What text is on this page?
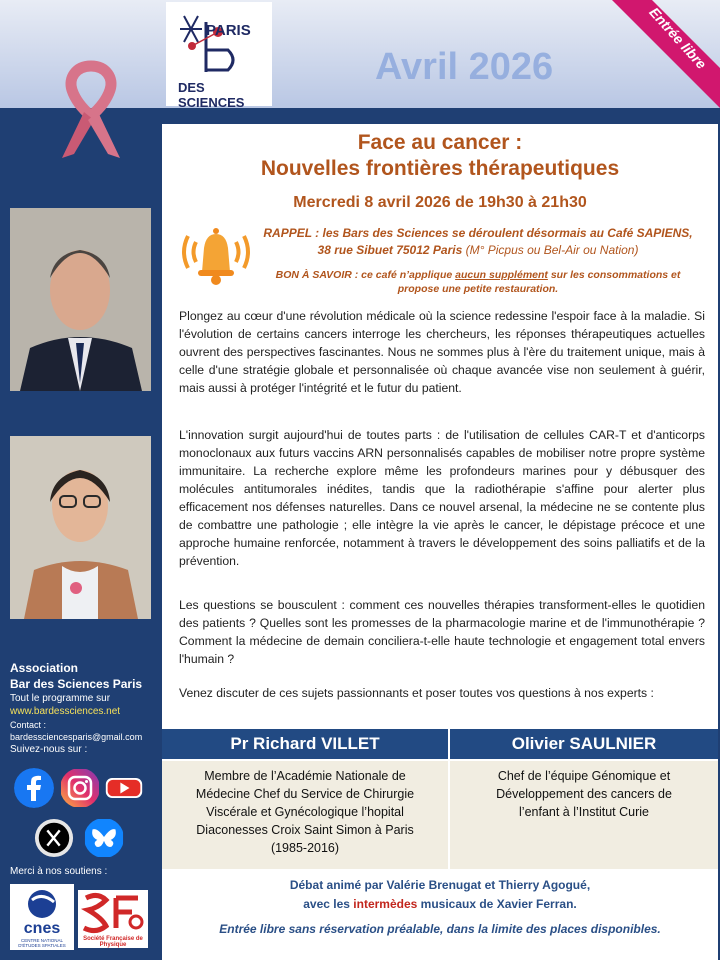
PARIS
DES SCIENCES
Avril 2026	Entrée libre
Association
Bar des Sciences Paris
Tout le programme sur
www.bardessciences.net
Contact :
bardessciencesparis@gmail.com
Suivez-nous sur :
Merci à nos soutiens :
cnes
CENTRE NATIONAL D'ÉTUDES SPATIALES
Société Française de Physique
Face au cancer :
Nouvelles frontières thérapeutiques
Mercredi 8 avril 2026 de 19h30 à 21h30
RAPPEL : les Bars des Sciences se déroulent désormais au Café SAPIENS, 38 rue Sibuet 75012 Paris (M° Picpus ou Bel-Air ou Nation)
BON À SAVOIR : ce café n’applique aucun supplément sur les consommations et propose une petite restauration.
Plongez au cœur d'une révolution médicale où la science redessine l'espoir face à la maladie. Si l'évolution de certains cancers interroge les chercheurs, les réponses thérapeutiques actuelles ouvrent des perspectives fascinantes. Nous ne sommes plus à l'ère du traitement unique, mais à celle d'une stratégie globale et personnalisée où chaque avancée vise non seulement à guérir, mais aussi à protéger l'intégrité et le futur du patient.
L'innovation surgit aujourd'hui de toutes parts : de l'utilisation de cellules CAR-T et d'anticorps monoclonaux aux futurs vaccins ARN personnalisés capables de mobiliser notre propre système immunitaire. La recherche explore même les profondeurs marines pour y débusquer des molécules antitumorales inédites, tandis que la radiothérapie s'affine pour alerter plus efficacement nos défenses naturelles. Dans ce nouvel arsenal, la médecine ne se contente plus de combattre une pathologie ; elle intègre la vie après le cancer, le dépistage précoce et une approche humaine renforcée, notamment à travers le développement des soins palliatifs et de la prévention.
Les questions se bousculent : comment ces nouvelles thérapies transforment-elles le quotidien des patients ? Quelles sont les promesses de la pharmacologie marine et de l'immunothérapie ? Comment la médecine de demain conciliera-t-elle haute technologie et engagement total envers l'humain ?
Venez discuter de ces sujets passionnants et poser toutes vos questions à nos experts :
Pr Richard VILLET	Olivier SAULNIER
Membre de l’Académie Nationale de Médecine Chef du Service de Chirurgie Viscérale et Gynécologique l’hopital Diaconesses Croix Saint Simon à Paris (1985-2016)
Chef de l’équipe Génomique et Développement des cancers de l’enfant à l’Institut Curie
Débat animé par Valérie Brenugat et Thierry Agogué,
avec les intermèdes musicaux de Xavier Ferran.
Entrée libre sans réservation préalable, dans la limite des places disponibles.
